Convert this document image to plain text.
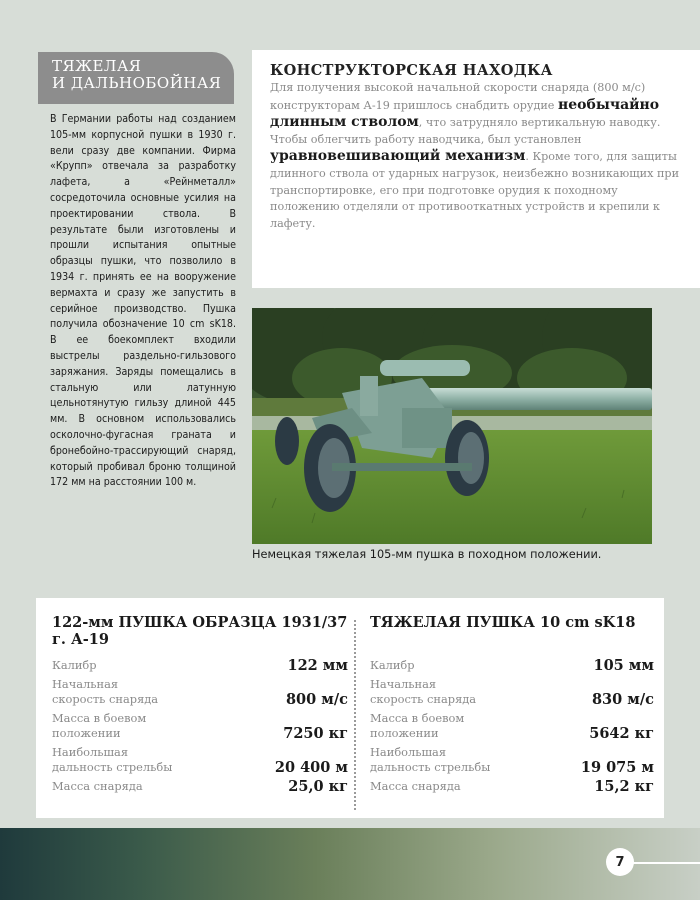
ТЯЖЕЛАЯ
И ДАЛЬНОБОЙНАЯ
В Германии работы над созданием 105-мм корпусной пушки в 1930 г. вели сразу две компании. Фирма «Крупп» отвечала за разработку лафета, а «Рейнметалл» сосредоточила основные усилия на проектировании ствола. В результате были изготовлены и прошли испытания опытные образцы пушки, что позволило в 1934 г. принять ее на вооружение вермахта и сразу же запустить в серийное производство. Пушка получила обозначение 10 cm sK18. В ее боекомплект входили выстрелы раздельно-гильзового заряжания. Заряды помещались в стальную или латунную цельнотянутую гильзу длиной 445 мм. В основном использовались осколочно-фугасная граната и бронебойно-трассирующий снаряд, который пробивал броню толщиной 172 мм на расстоянии 100 м.
КОНСТРУКТОРСКАЯ НАХОДКА
Для получения высокой начальной скорости снаряда (800 м/с) конструкторам А-19 пришлось снабдить орудие необычайно длинным стволом, что затрудняло вертикальную наводку. Чтобы облегчить работу наводчика, был установлен уравновешивающий механизм. Кроме того, для защиты длинного ствола от ударных нагрузок, неизбежно возникающих при транспортировке, его при подготовке орудия к походному положению отделяли от противооткатных устройств и крепили к лафету.
Немецкая тяжелая 105-мм пушка в походном положении.
122-мм ПУШКА ОБРАЗЦА 1931/37 г. А-19
Калибр	122 мм
Начальная
скорость снаряда	800 м/с
Масса в боевом
положении	7250 кг
Наибольшая
дальность стрельбы	20 400 м
Масса снаряда	25,0 кг
ТЯЖЕЛАЯ ПУШКА 10 cm sK18
Калибр	105 мм
Начальная
скорость снаряда	830 м/с
Масса в боевом
положении	5642 кг
Наибольшая
дальность стрельбы	19 075 м
Масса снаряда	15,2 кг
7
